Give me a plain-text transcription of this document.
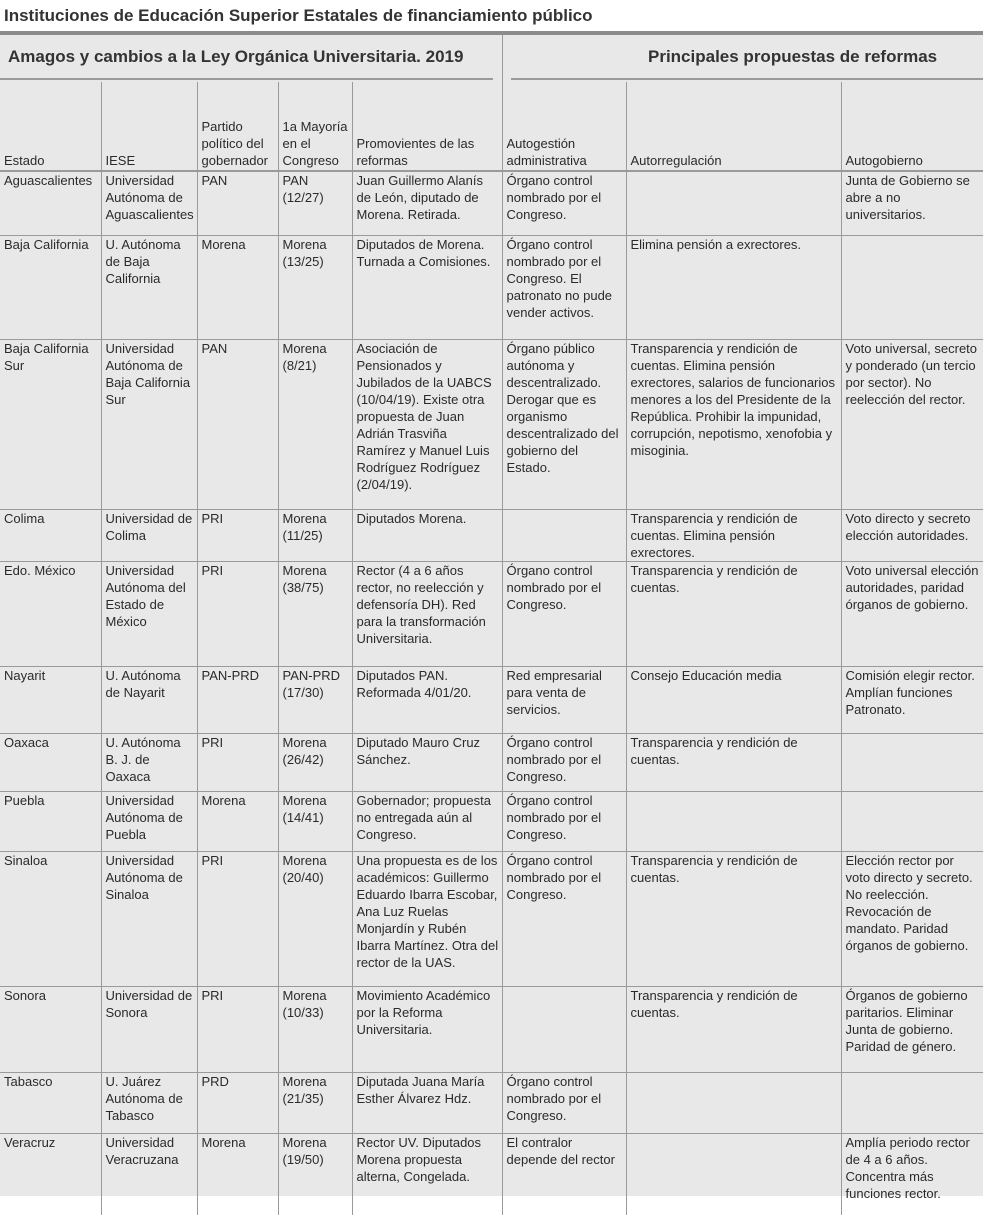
Instituciones de Educación Superior Estatales de financiamiento público
Amagos y cambios a la Ley Orgánica Universitaria. 2019	Principales propuestas de reformas
Estado	IESE	Partido político del gobernador	1a Mayoría en el Congreso	Promovientes de las reformas	Autogestión administrativa	Autorregulación	Autogobierno
Aguascalientes	Universidad Autónoma de Aguascalientes	PAN	PAN (12/27)	Juan Guillermo Alanís de León, diputado de Morena. Retirada.	Órgano control nombrado por el Congreso.		Junta de Gobierno se abre a no universitarios.
Baja California	U. Autónoma de Baja California	Morena	Morena (13/25)	Diputados de Morena. Turnada a Comisiones.	Órgano control nombrado por el Congreso. El patronato no pude vender activos.	Elimina pensión a exrectores.	
Baja California Sur	Universidad Autónoma de Baja California Sur	PAN	Morena (8/21)	Asociación de Pensionados y Jubilados de la UABCS (10/04/19). Existe otra propuesta de Juan Adrián Trasviña Ramírez y Manuel Luis Rodríguez Rodríguez (2/04/19).	Órgano público autónoma y descentralizado. Derogar que es organismo descentralizado del gobierno del Estado.	Transparencia y rendición de cuentas. Elimina pensión exrectores, salarios de funcionarios menores a los del Presidente de la República. Prohibir la impunidad, corrupción, nepotismo, xenofobia y misoginia.	Voto universal, secreto y ponderado (un tercio por sector). No reelección del rector.
Colima	Universidad de Colima	PRI	Morena (11/25)	Diputados Morena.		Transparencia y rendición de cuentas. Elimina pensión exrectores.	Voto directo y secreto elección autoridades.
Edo. México	Universidad Autónoma del Estado de México	PRI	Morena (38/75)	Rector (4 a 6 años rector, no reelección y defensoría DH). Red para la transformación Universitaria.	Órgano control nombrado por el Congreso.	Transparencia y rendición de cuentas.	Voto universal elección autoridades, paridad órganos de gobierno.
Nayarit	U. Autónoma de Nayarit	PAN-PRD	PAN-PRD (17/30)	Diputados PAN. Reformada 4/01/20.	Red empresarial para venta de servicios.	Consejo Educación media	Comisión elegir rector. Amplían funciones Patronato.
Oaxaca	U. Autónoma B. J. de Oaxaca	PRI	Morena (26/42)	Diputado Mauro Cruz Sánchez.	Órgano control nombrado por el Congreso.	Transparencia y rendición de cuentas.	
Puebla	Universidad Autónoma de Puebla	Morena	Morena (14/41)	Gobernador; propuesta no entregada aún al Congreso.	Órgano control nombrado por el Congreso.		
Sinaloa	Universidad Autónoma de Sinaloa	PRI	Morena (20/40)	Una propuesta es de los académicos: Guillermo Eduardo Ibarra Escobar, Ana Luz Ruelas Monjardín y Rubén Ibarra Martínez. Otra del rector de la UAS.	Órgano control nombrado por el Congreso.	Transparencia y rendición de cuentas.	Elección rector por voto directo y secreto. No reelección. Revocación de mandato. Paridad órganos de gobierno.
Sonora	Universidad de Sonora	PRI	Morena (10/33)	Movimiento Académico por la Reforma Universitaria.		Transparencia y rendición de cuentas.	Órganos de gobierno paritarios. Eliminar Junta de gobierno. Paridad de género.
Tabasco	U. Juárez Autónoma de Tabasco	PRD	Morena (21/35)	Diputada Juana María Esther Álvarez Hdz.	Órgano control nombrado por el Congreso.		
Veracruz	Universidad Veracruzana	Morena	Morena (19/50)	Rector UV. Diputados Morena propuesta alterna, Congelada.	El contralor depende del rector		Amplía periodo rector de 4 a 6 años. Concentra más funciones rector.
